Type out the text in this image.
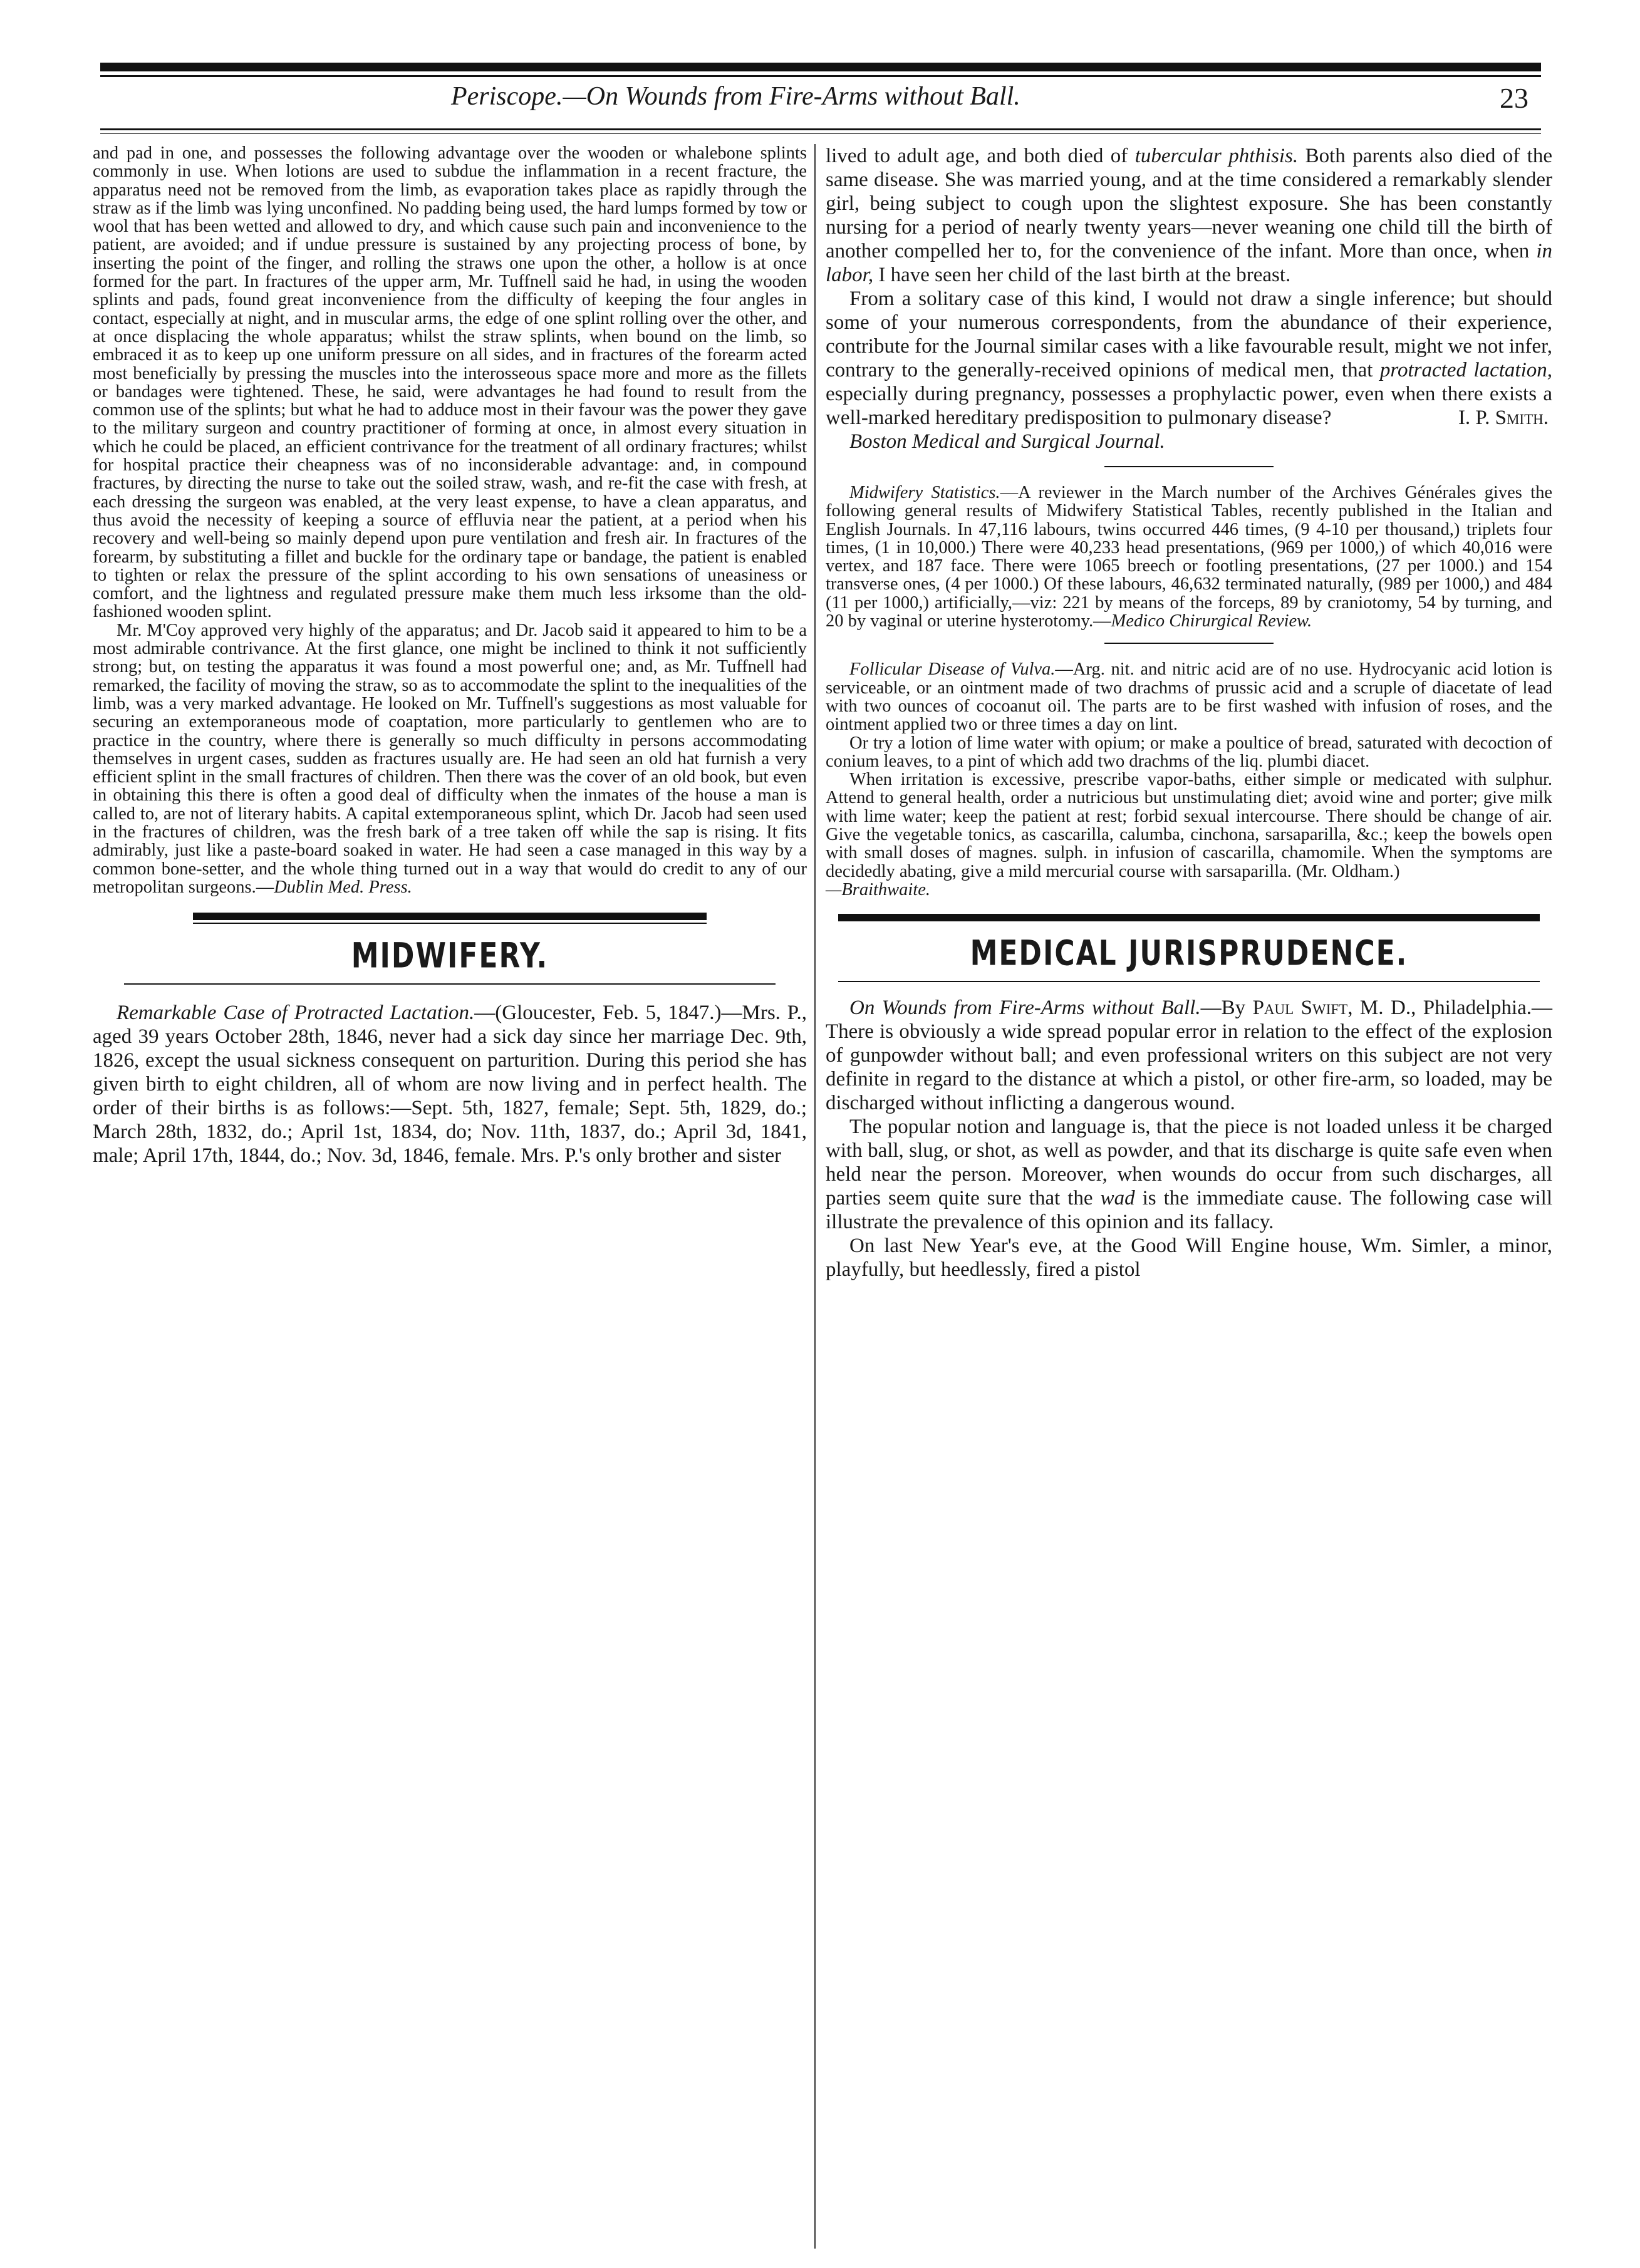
Periscope.—On Wounds from Fire-Arms without Ball.	23

and pad in one, and possesses the following advantage over the wooden or whalebone splints commonly in use. When lotions are used to subdue the inflammation in a recent fracture, the apparatus need not be removed from the limb, as evaporation takes place as rapidly through the straw as if the limb was lying unconfined. No padding being used, the hard lumps formed by tow or wool that has been wetted and allowed to dry, and which cause such pain and inconvenience to the patient, are avoided; and if undue pressure is sustained by any projecting process of bone, by inserting the point of the finger, and rolling the straws one upon the other, a hollow is at once formed for the part. In fractures of the upper arm, Mr. Tuffnell said he had, in using the wooden splints and pads, found great inconvenience from the difficulty of keeping the four angles in contact, especially at night, and in muscular arms, the edge of one splint rolling over the other, and at once displacing the whole apparatus; whilst the straw splints, when bound on the limb, so embraced it as to keep up one uniform pressure on all sides, and in fractures of the forearm acted most beneficially by pressing the muscles into the interosseous space more and more as the fillets or bandages were tightened. These, he said, were advantages he had found to result from the common use of the splints; but what he had to adduce most in their favour was the power they gave to the military surgeon and country practitioner of forming at once, in almost every situation in which he could be placed, an efficient contrivance for the treatment of all ordinary fractures; whilst for hospital practice their cheapness was of no inconsiderable advantage: and, in compound fractures, by directing the nurse to take out the soiled straw, wash, and re-fit the case with fresh, at each dressing the surgeon was enabled, at the very least expense, to have a clean apparatus, and thus avoid the necessity of keeping a source of effluvia near the patient, at a period when his recovery and well-being so mainly depend upon pure ventilation and fresh air. In fractures of the forearm, by substituting a fillet and buckle for the ordinary tape or bandage, the patient is enabled to tighten or relax the pressure of the splint according to his own sensations of uneasiness or comfort, and the lightness and regulated pressure make them much less irksome than the old-fashioned wooden splint.

Mr. M'Coy approved very highly of the apparatus; and Dr. Jacob said it appeared to him to be a most admirable contrivance. At the first glance, one might be inclined to think it not sufficiently strong; but, on testing the apparatus it was found a most powerful one; and, as Mr. Tuffnell had remarked, the facility of moving the straw, so as to accommodate the splint to the inequalities of the limb, was a very marked advantage. He looked on Mr. Tuffnell's suggestions as most valuable for securing an extemporaneous mode of coaptation, more particularly to gentlemen who are to practice in the country, where there is generally so much difficulty in persons accommodating themselves in urgent cases, sudden as fractures usually are. He had seen an old hat furnish a very efficient splint in the small fractures of children. Then there was the cover of an old book, but even in obtaining this there is often a good deal of difficulty when the inmates of the house a man is called to, are not of literary habits. A capital extemporaneous splint, which Dr. Jacob had seen used in the fractures of children, was the fresh bark of a tree taken off while the sap is rising. It fits admirably, just like a paste-board soaked in water. He had seen a case managed in this way by a common bone-setter, and the whole thing turned out in a way that would do credit to any of our metropolitan surgeons.—Dublin Med. Press.

MIDWIFERY.

Remarkable Case of Protracted Lactation.—(Gloucester, Feb. 5, 1847.)—Mrs. P., aged 39 years October 28th, 1846, never had a sick day since her marriage Dec. 9th, 1826, except the usual sickness consequent on parturition. During this period she has given birth to eight children, all of whom are now living and in perfect health. The order of their births is as follows:—Sept. 5th, 1827, female; Sept. 5th, 1829, do.; March 28th, 1832, do.; April 1st, 1834, do; Nov. 11th, 1837, do.; April 3d, 1841, male; April 17th, 1844, do.; Nov. 3d, 1846, female. Mrs. P.'s only brother and sister

lived to adult age, and both died of tubercular phthisis. Both parents also died of the same disease. She was married young, and at the time considered a remarkably slender girl, being subject to cough upon the slightest exposure. She has been constantly nursing for a period of nearly twenty years—never weaning one child till the birth of another compelled her to, for the convenience of the infant. More than once, when in labor, I have seen her child of the last birth at the breast.

From a solitary case of this kind, I would not draw a single inference; but should some of your numerous correspondents, from the abundance of their experience, contribute for the Journal similar cases with a like favourable result, might we not infer, contrary to the generally-received opinions of medical men, that protracted lactation, especially during pregnancy, possesses a prophylactic power, even when there exists a well-marked hereditary predisposition to pulmonary disease?	I. P. Smith.

Boston Medical and Surgical Journal.

Midwifery Statistics.—A reviewer in the March number of the Archives Générales gives the following general results of Midwifery Statistical Tables, recently published in the Italian and English Journals. In 47,116 labours, twins occurred 446 times, (9 4-10 per thousand,) triplets four times, (1 in 10,000.) There were 40,233 head presentations, (969 per 1000,) of which 40,016 were vertex, and 187 face. There were 1065 breech or footling presentations, (27 per 1000.) and 154 transverse ones, (4 per 1000.) Of these labours, 46,632 terminated naturally, (989 per 1000,) and 484 (11 per 1000,) artificially,—viz: 221 by means of the forceps, 89 by craniotomy, 54 by turning, and 20 by vaginal or uterine hysterotomy.—Medico Chirurgical Review.

Follicular Disease of Vulva.—Arg. nit. and nitric acid are of no use. Hydrocyanic acid lotion is serviceable, or an ointment made of two drachms of prussic acid and a scruple of diacetate of lead with two ounces of cocoanut oil. The parts are to be first washed with infusion of roses, and the ointment applied two or three times a day on lint.

Or try a lotion of lime water with opium; or make a poultice of bread, saturated with decoction of conium leaves, to a pint of which add two drachms of the liq. plumbi diacet.

When irritation is excessive, prescribe vapor-baths, either simple or medicated with sulphur. Attend to general health, order a nutricious but unstimulating diet; avoid wine and porter; give milk with lime water; keep the patient at rest; forbid sexual intercourse. There should be change of air. Give the vegetable tonics, as cascarilla, calumba, cinchona, sarsaparilla, &c.; keep the bowels open with small doses of magnes. sulph. in infusion of cascarilla, chamomile. When the symptoms are decidedly abating, give a mild mercurial course with sarsaparilla. (Mr. Oldham.)

—Braithwaite.

MEDICAL JURISPRUDENCE.

On Wounds from Fire-Arms without Ball.—By Paul Swift, M. D., Philadelphia.—There is obviously a wide spread popular error in relation to the effect of the explosion of gunpowder without ball; and even professional writers on this subject are not very definite in regard to the distance at which a pistol, or other fire-arm, so loaded, may be discharged without inflicting a dangerous wound.

The popular notion and language is, that the piece is not loaded unless it be charged with ball, slug, or shot, as well as powder, and that its discharge is quite safe even when held near the person. Moreover, when wounds do occur from such discharges, all parties seem quite sure that the wad is the immediate cause. The following case will illustrate the prevalence of this opinion and its fallacy.

On last New Year's eve, at the Good Will Engine house, Wm. Simler, a minor, playfully, but heedlessly, fired a pistol
